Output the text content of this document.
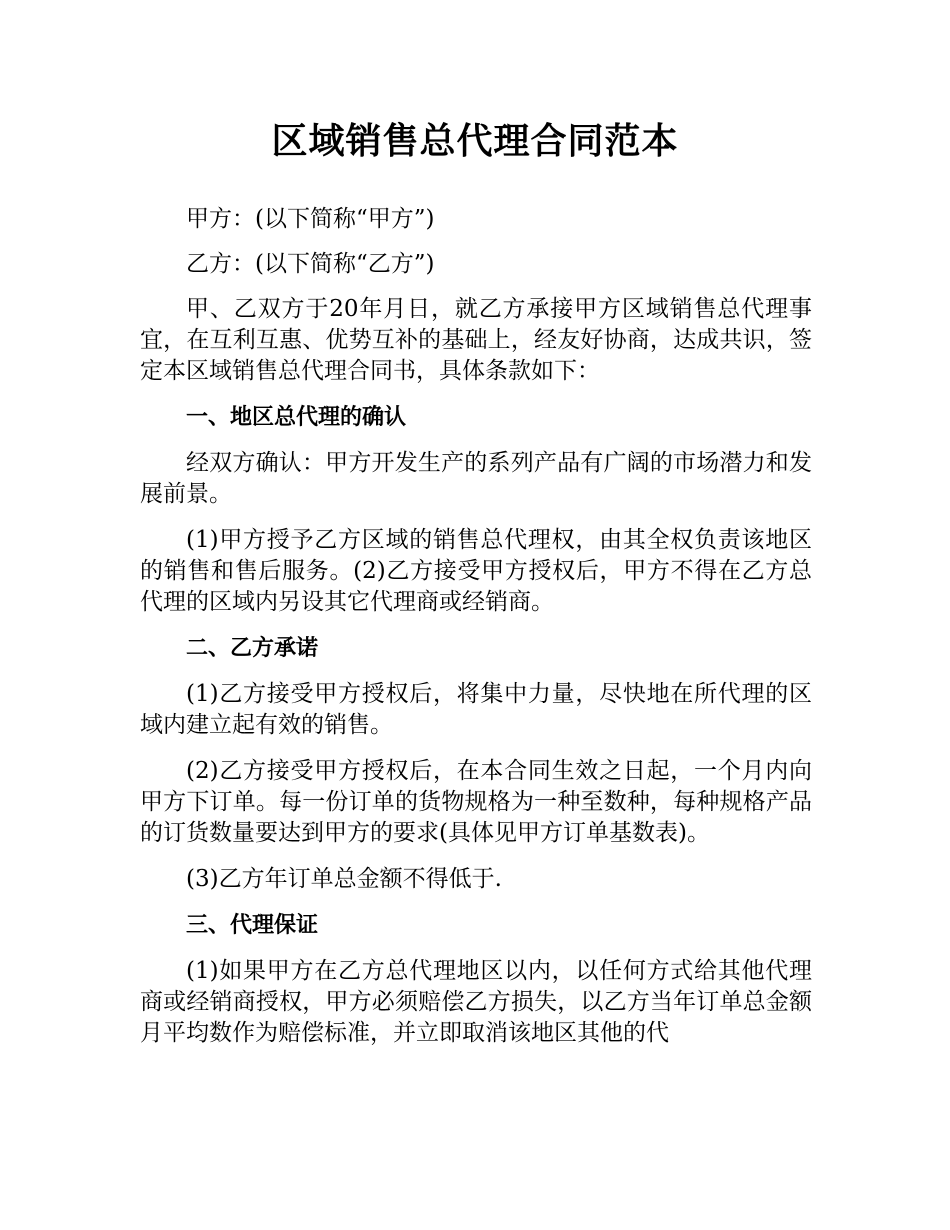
区域销售总代理合同范本

甲方：(以下简称“甲方”)

乙方：(以下简称“乙方”)

甲、乙双方于20年月日，就乙方承接甲方区域销售总代理事宜，在互利互惠、优势互补的基础上，经友好协商，达成共识，签定本区域销售总代理合同书，具体条款如下：

一、地区总代理的确认

经双方确认：甲方开发生产的系列产品有广阔的市场潜力和发展前景。

(1)甲方授予乙方区域的销售总代理权，由其全权负责该地区的销售和售后服务。(2)乙方接受甲方授权后，甲方不得在乙方总代理的区域内另设其它代理商或经销商。

二、乙方承诺

(1)乙方接受甲方授权后，将集中力量，尽快地在所代理的区域内建立起有效的销售。

(2)乙方接受甲方授权后，在本合同生效之日起，一个月内向甲方下订单。每一份订单的货物规格为一种至数种，每种规格产品的订货数量要达到甲方的要求(具体见甲方订单基数表)。

(3)乙方年订单总金额不得低于.

三、代理保证

(1)如果甲方在乙方总代理地区以内，以任何方式给其他代理商或经销商授权，甲方必须赔偿乙方损失，以乙方当年订单总金额月平均数作为赔偿标准，并立即取消该地区其他的代
